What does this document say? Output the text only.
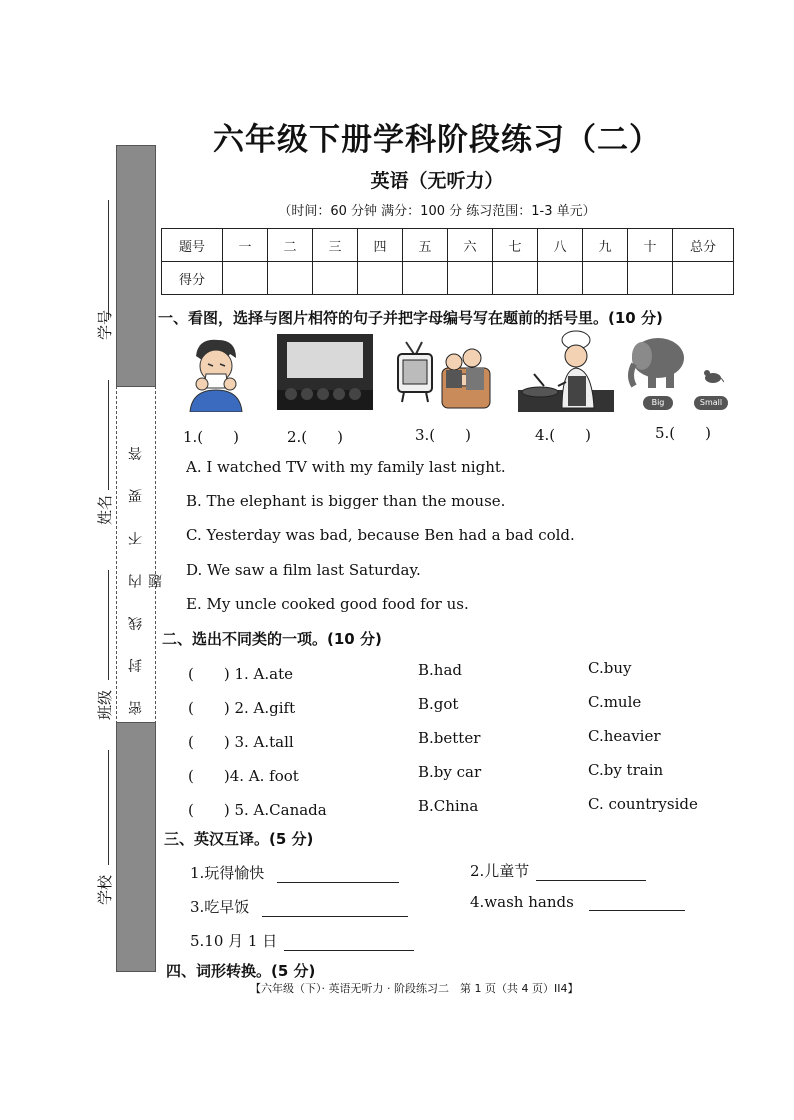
密 封 线 内 不 要 答 题
学号
姓名
班级
学校
六年级下册学科阶段练习（二）
英语（无听力）
（时间：60 分钟 满分：100 分 练习范围：1-3 单元）
题号	一	二	三	四	五	六	七	八	九	十	总分
得分											
一、看图，选择与图片相符的句子并把字母编号写在题前的括号里。(10 分)
Big	Small
1.(　　)	2.(　　)	3.(　　)	4.(　　)	5.(　　)
A. I watched TV with my family last night.
B. The elephant is bigger than the mouse.
C. Yesterday was bad, because Ben had a bad cold.
D. We saw a film last Saturday.
E. My uncle cooked good food for us.
二、选出不同类的一项。(10 分)
(　　) 1. A.ate	B.had	C.buy
(　　) 2. A.gift	B.got	C.mule
(　　) 3. A.tall	B.better	C.heavier
(　　)4. A. foot	B.by car	C.by train
(　　) 5. A.Canada	B.China	C. countryside
三、英汉互译。(5 分)
1.玩得愉快	2.儿童节
3.吃早饭	4.wash hands
5.10 月 1 日
四、词形转换。(5 分)
【六年级（下）· 英语无听力 · 阶段练习二　第 1 页（共 4 页）II4】
